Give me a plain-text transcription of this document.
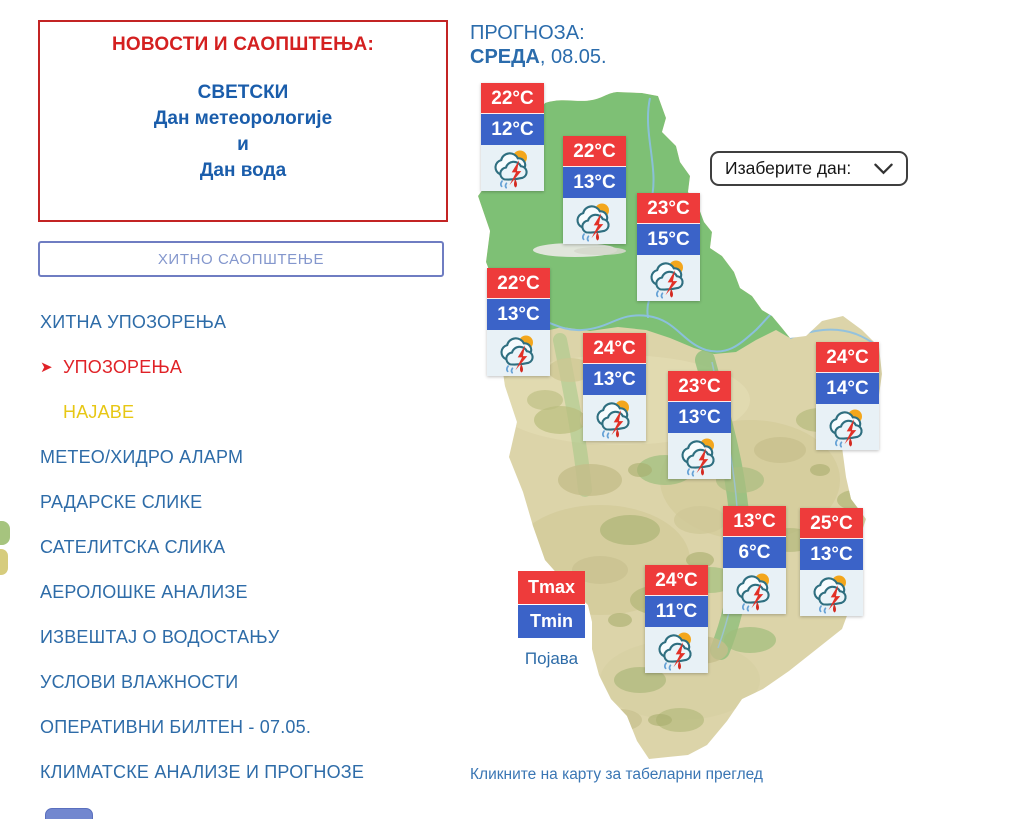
НОВОСТИ И САОПШТЕЊА:
СВЕТСКИ
Дан метеорологије
и
Дан вода
ХИТНО САОПШТЕЊЕ
ХИТНА УПОЗОРЕЊА
➤ УПОЗОРЕЊА
НАЈАВЕ
МЕТЕО/ХИДРО АЛАРМ
РАДАРСКЕ СЛИКЕ
САТЕЛИТСКА СЛИКА
АЕРОЛОШКЕ АНАЛИЗЕ
ИЗВЕШТАЈ О ВОДОСТАЊУ
УСЛОВИ ВЛАЖНОСТИ
ОПЕРАТИВНИ БИЛТЕН - 07.05.
КЛИМАТСКЕ АНАЛИЗЕ И ПРОГНОЗЕ
ПРОГНОЗА:
СРЕДА, 08.05.
Изаберите дан:
22°C
12°C
22°C
13°C
23°C
15°C
22°C
13°C
24°C
13°C	23°C
13°C
24°C
14°C
13°C
6°C
25°C
13°C
24°C
11°C
Tmax
Tmin
Појава
Кликните на карту за табеларни преглед
